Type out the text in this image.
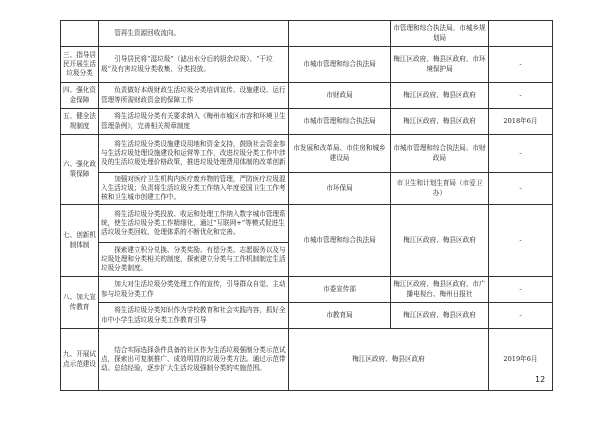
	管再生资源回收流向。		市管理和综合执法局、市城乡规划局	
三、指导居民开展生活垃圾分类	引导居民将“湿垃圾”（滤出水分后的厨余垃圾）、“干垃圾”及有害垃圾分类收集、分类投放。	市城市管理和综合执法局	梅江区政府、梅县区政府、市环境保护局	-
四、强化资金保障	负责做好本级财政生活垃圾分类培训宣传、设施建设、运行管理等所需财政资金的保障工作	市财政局	梅江区政府、梅县区政府	-
五、健全法规制度	将生活垃圾分类有关要求纳入《梅州市城区市容和环境卫生管理条例》，完善相关规章制度	市城市管理和综合执法局	梅江区政府、梅县区政府	2018年6月
六、强化政策保障	将生活垃圾分类设施建设用地和资金支持，鼓励社会资金参与生活垃圾处理设施建设和运营等工作，改进垃圾分类工作中涉及的生活垃圾处理价格政策，推进垃圾处理费用体制的改革创新	市发展和改革局、市住房和城乡建设局	市城市管理和综合执法局、市财政局	-
	加强对医疗卫生机构内医疗废弃物的管理，严防医疗垃圾混入生活垃圾；负责将生活垃圾分类工作纳入年度爱国卫生工作考核和卫生城市创建工作中。	市环保局	市卫生和计划生育局（市爱卫办）	-
七、创新机制体制	将生活垃圾分类投放、收运和处理工作纳入数字城市管理系统，使生活垃圾分类工作精细化，通过“互联网+”等模式促进生活垃圾分类回收、处理体系的不断优化和完善。	市城市管理和综合执法局	梅江区政府、梅县区政府	-
	探索建立积分兑换、分类奖励、有偿分类、志愿服务以及与垃圾处理和分类相关的制度，探索建立分类与工作机制制定生活垃圾分类制度。			
八、加大宣传教育	加大对生活垃圾分类处理工作的宣传，引导群众自觉、主动参与垃圾分类工作	市委宣传部	梅江区政府、梅县区政府、市广播电视台、梅州日报社	-
	将生活垃圾分类知识作为学校教育和社会实践内容，抓好全市中小学生活垃圾分类工作教育引导	市教育局	梅江区政府、梅县区政府	-
九、开展试点示范建设	结合实际选择条件具备的社区作为生活垃圾强制分类示范试点，探索出可复制推广、成效明显的垃圾分类方法。通过示范带动、总结经验，逐步扩大生活垃圾强制分类的实施范围。	梅江区政府、梅县区政府		2019年6月
12
